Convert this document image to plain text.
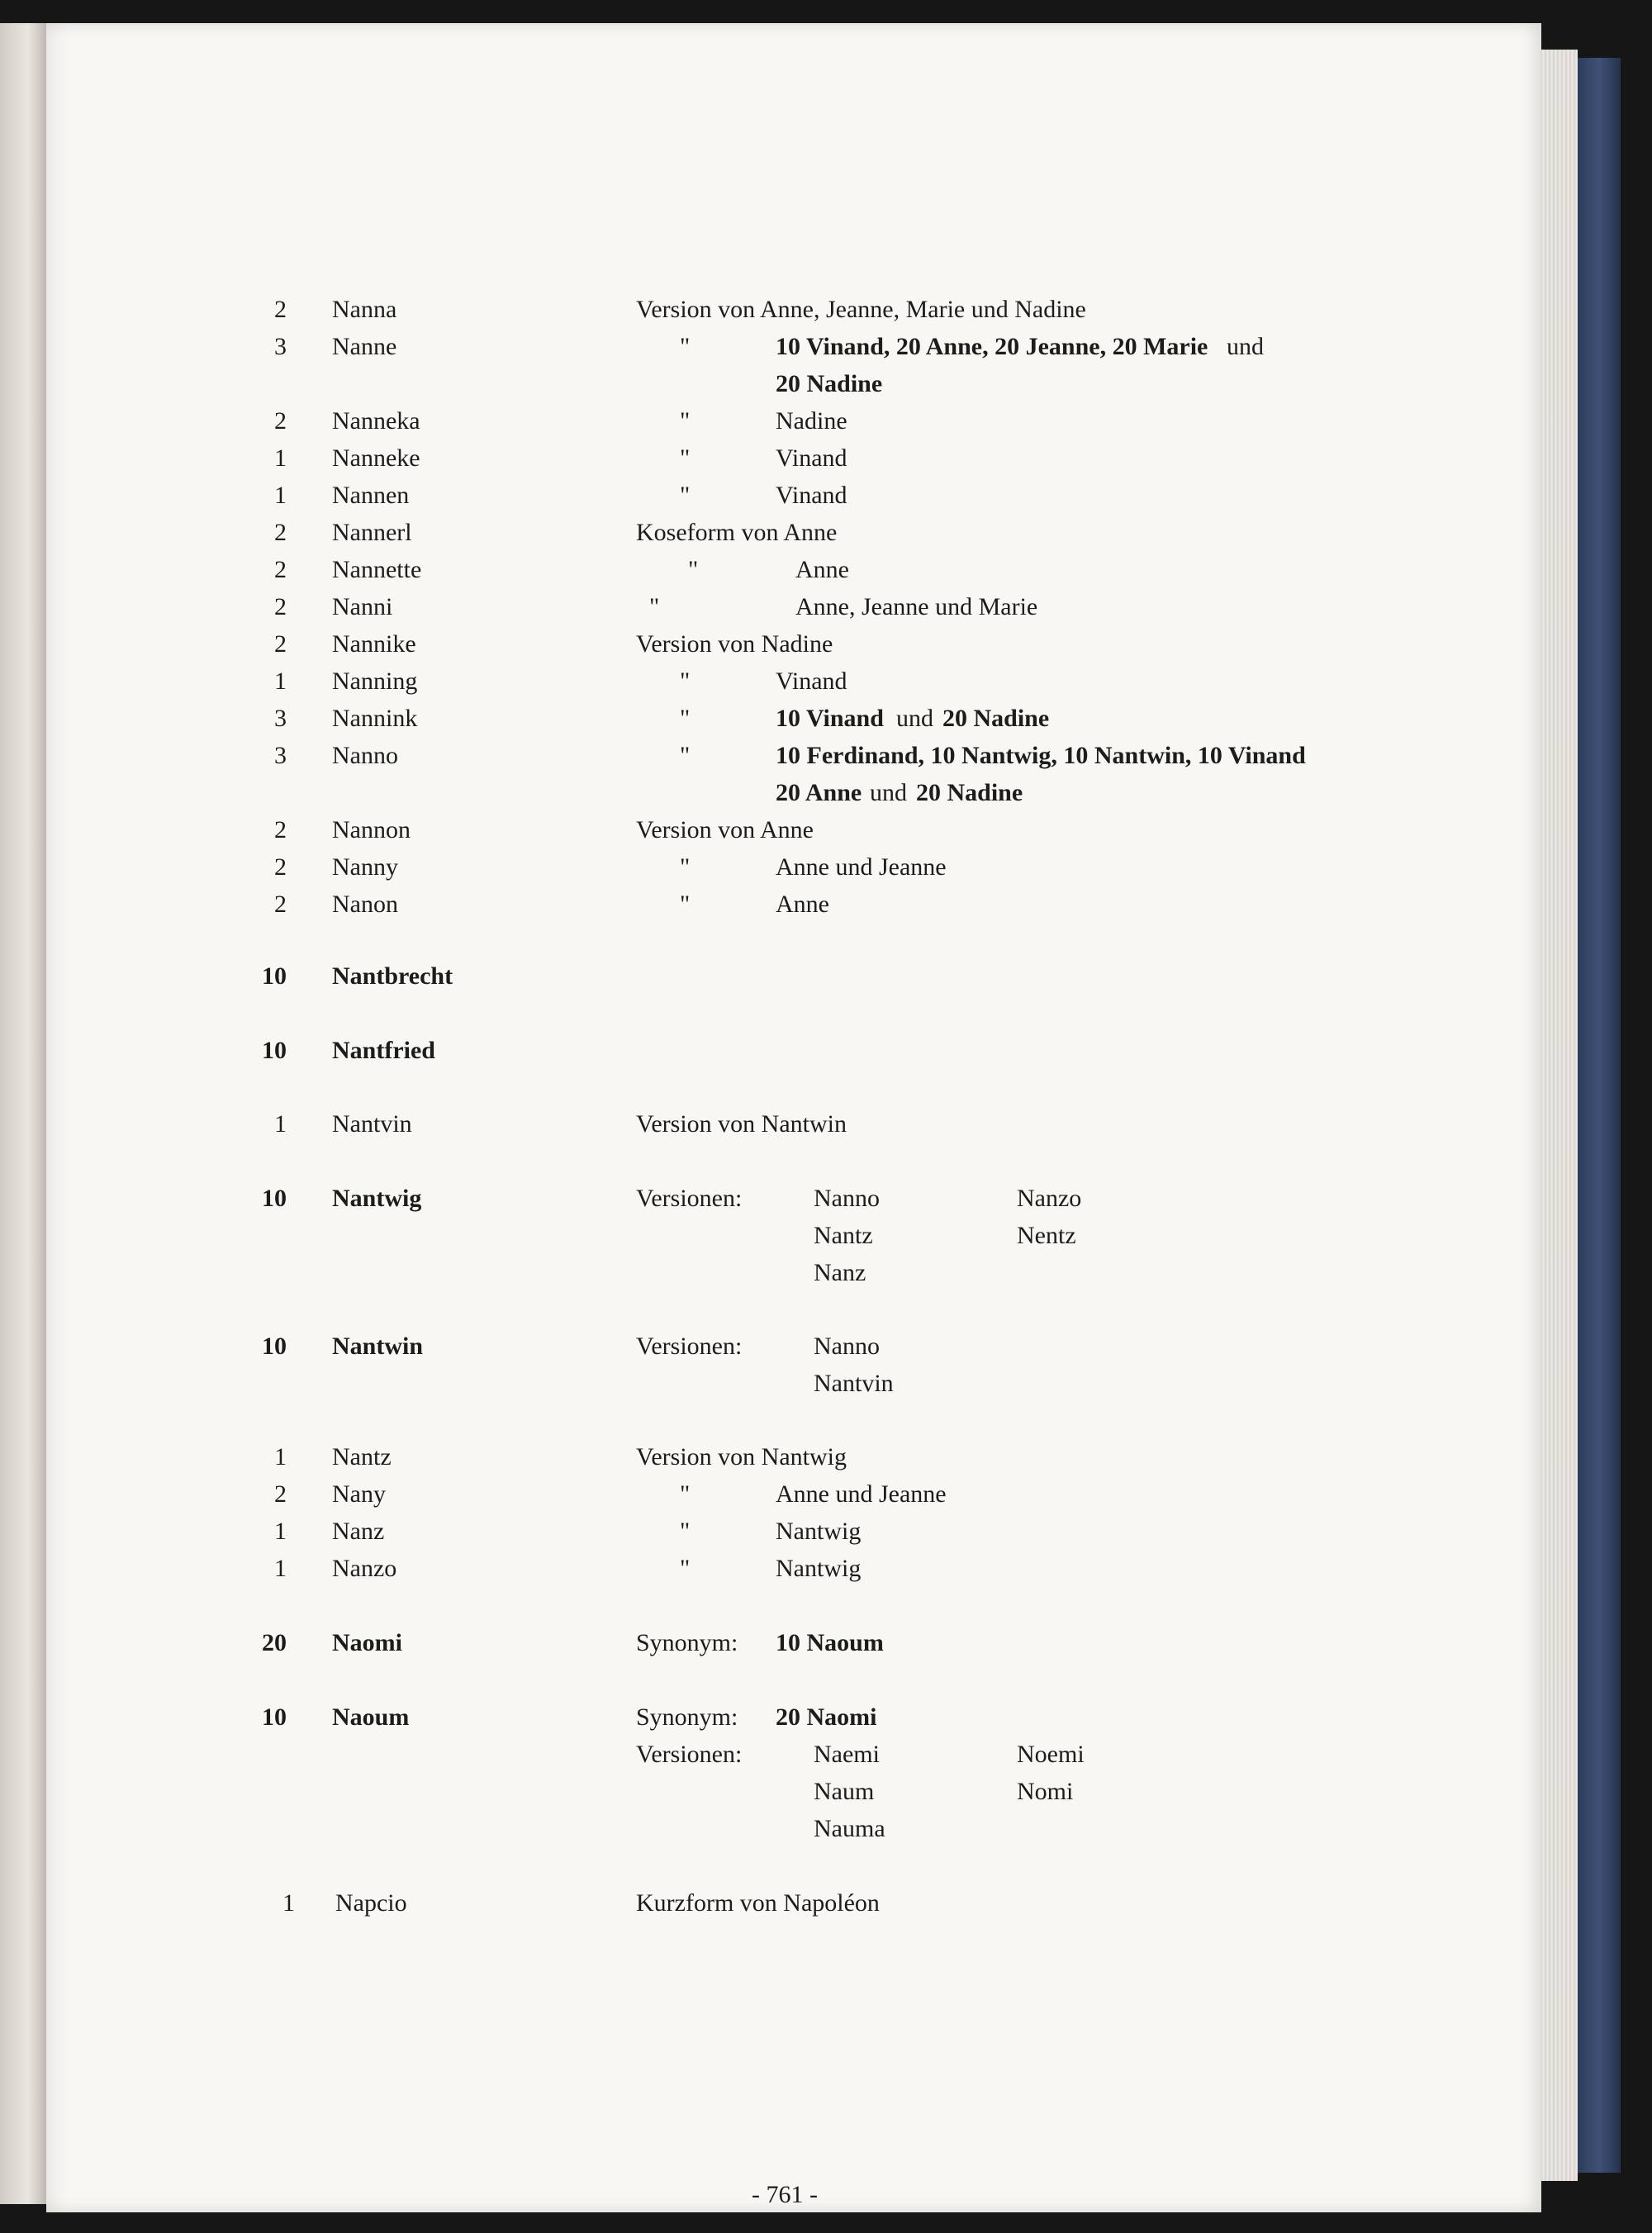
2 Nanna	Version von Anne, Jeanne, Marie und Nadine
3 Nanne	"	10 Vinand, 20 Anne, 20 Jeanne, 20 Marie und
20 Nadine
2 Nanneka	"	Nadine
1 Nanneke	"	Vinand
1 Nannen	"	Vinand
2 Nannerl	Koseform von Anne
2 Nannette	"	Anne
2 Nanni	"	Anne, Jeanne und Marie
2 Nannike	Version von Nadine
1 Nanning	"	Vinand
3 Nannink	"	10 Vinand und 20 Nadine
3 Nanno	"	10 Ferdinand, 10 Nantwig, 10 Nantwin, 10 Vinand
20 Anne und 20 Nadine
2 Nannon	Version von Anne
2 Nanny	"	Anne und Jeanne
2 Nanon	"	Anne
10 Nantbrecht
10 Nantfried
1 Nantvin	Version von Nantwin
10 Nantwig	Versionen:	Nanno	Nanzo
Nantz	Nentz
Nanz
10 Nantwin	Versionen:	Nanno
Nantvin
1 Nantz	Version von Nantwig
2 Nany	"	Anne und Jeanne
1 Nanz	"	Nantwig
1 Nanzo	"	Nantwig
20 Naomi	Synonym: 10 Naoum
10 Naoum	Synonym: 20 Naomi
Versionen:	Naemi	Noemi
Naum	Nomi
Nauma
1 Napcio	Kurzform von Napoléon
- 761 -
